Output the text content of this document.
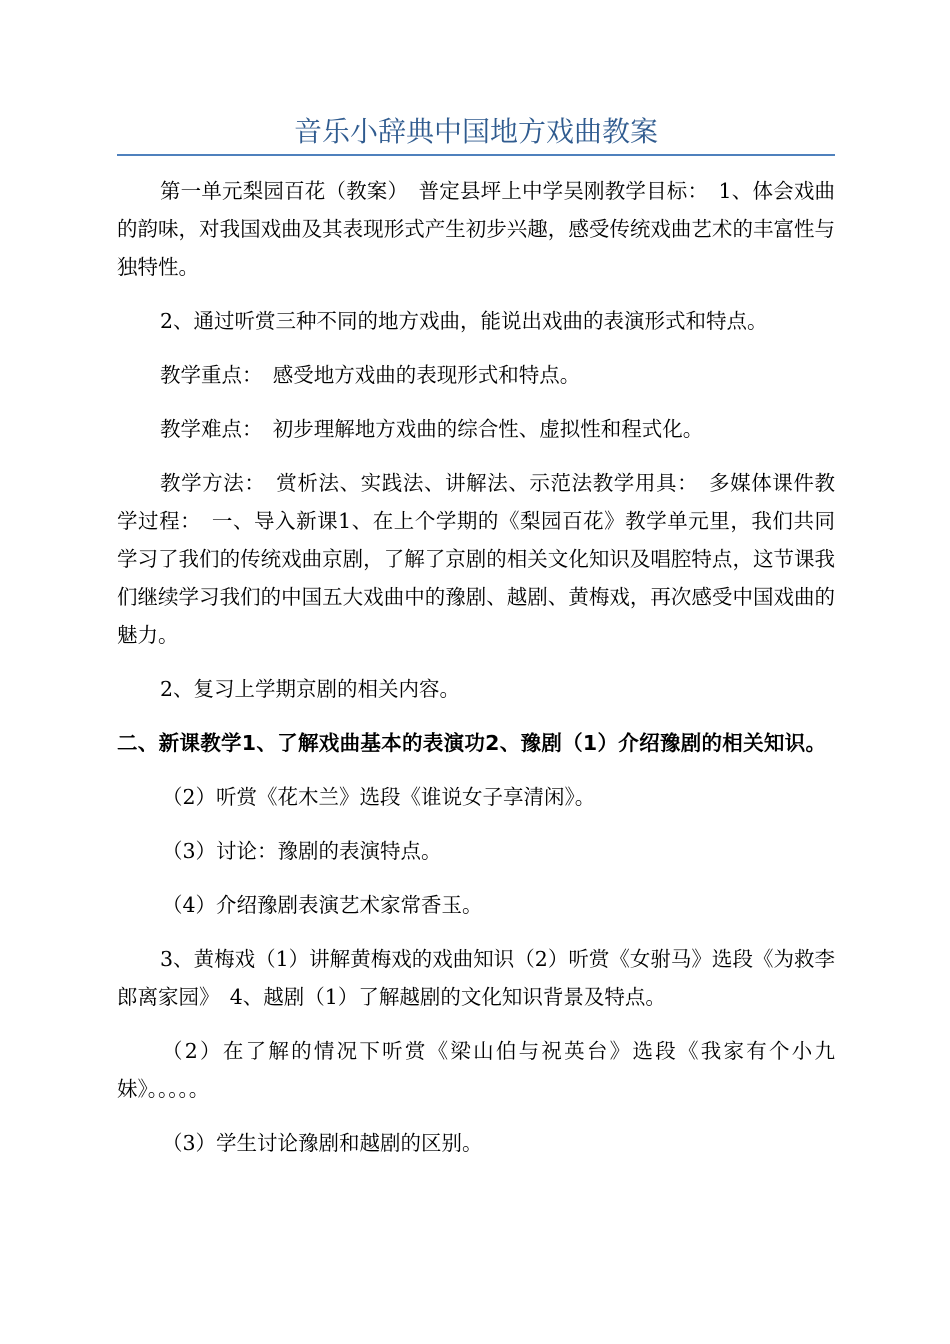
音乐小辞典中国地方戏曲教案

第一单元梨园百花（教案）　普定县坪上中学吴刚教学目标：　1、体会戏曲的韵味，对我国戏曲及其表现形式产生初步兴趣，感受传统戏曲艺术的丰富性与独特性。

2、通过听赏三种不同的地方戏曲，能说出戏曲的表演形式和特点。

教学重点：　感受地方戏曲的表现形式和特点。

教学难点：　初步理解地方戏曲的综合性、虚拟性和程式化。

教学方法：　赏析法、实践法、讲解法、示范法教学用具：　多媒体课件教学过程：　一、导入新课1、在上个学期的《梨园百花》教学单元里，我们共同学习了我们的传统戏曲京剧，了解了京剧的相关文化知识及唱腔特点，这节课我们继续学习我们的中国五大戏曲中的豫剧、越剧、黄梅戏，再次感受中国戏曲的魅力。

2、复习上学期京剧的相关内容。

二、新课教学1、了解戏曲基本的表演功2、豫剧（1）介绍豫剧的相关知识。

（2）听赏《花木兰》选段《谁说女子享清闲》。

（3）讨论：豫剧的表演特点。

（4）介绍豫剧表演艺术家常香玉。

3、黄梅戏（1）讲解黄梅戏的戏曲知识（2）听赏《女驸马》选段《为救李郎离家园》　4、越剧（1）了解越剧的文化知识背景及特点。

（2）在了解的情况下听赏《梁山伯与祝英台》选段《我家有个小九妹》。。。。。

（3）学生讨论豫剧和越剧的区别。
